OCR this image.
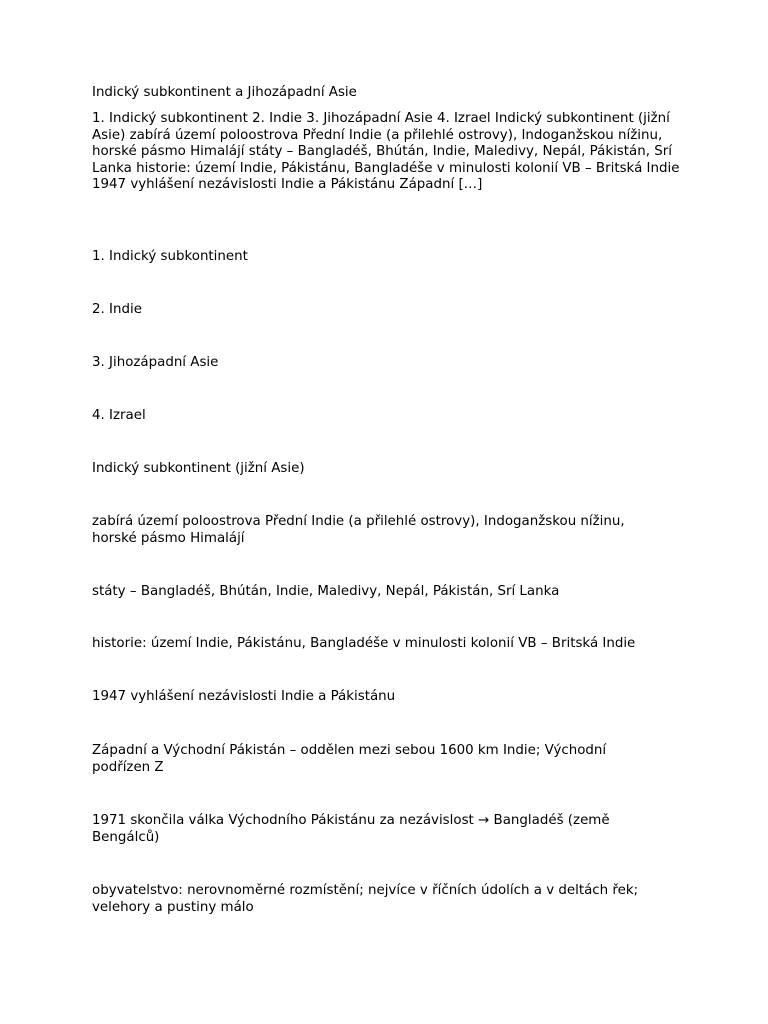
Indický subkontinent a Jihozápadní Asie

1. Indický subkontinent 2. Indie 3. Jihozápadní Asie 4. Izrael Indický subkontinent (jižní Asie) zabírá území poloostrova Přední Indie (a přilehlé ostrovy), Indoganžskou nížinu, horské pásmo Himalájí státy – Bangladéš, Bhútán, Indie, Maledivy, Nepál, Pákistán, Srí Lanka historie: území Indie, Pákistánu, Bangladéše v minulosti kolonií VB – Britská Indie 1947 vyhlášení nezávislosti Indie a Pákistánu Západní […]

1. Indický subkontinent

2. Indie

3. Jihozápadní Asie

4. Izrael

Indický subkontinent (jižní Asie)

zabírá území poloostrova Přední Indie (a přilehlé ostrovy), Indoganžskou nížinu, horské pásmo Himalájí

státy – Bangladéš, Bhútán, Indie, Maledivy, Nepál, Pákistán, Srí Lanka

historie: území Indie, Pákistánu, Bangladéše v minulosti kolonií VB – Britská Indie

1947 vyhlášení nezávislosti Indie a Pákistánu

Západní a Východní Pákistán – oddělen mezi sebou 1600 km Indie; Východní podřízen Z

1971 skončila válka Východního Pákistánu za nezávislost → Bangladéš (země Bengálců)

obyvatelstvo: nerovnoměrné rozmístění; nejvíce v říčních údolích a v deltách řek; velehory a pustiny málo
